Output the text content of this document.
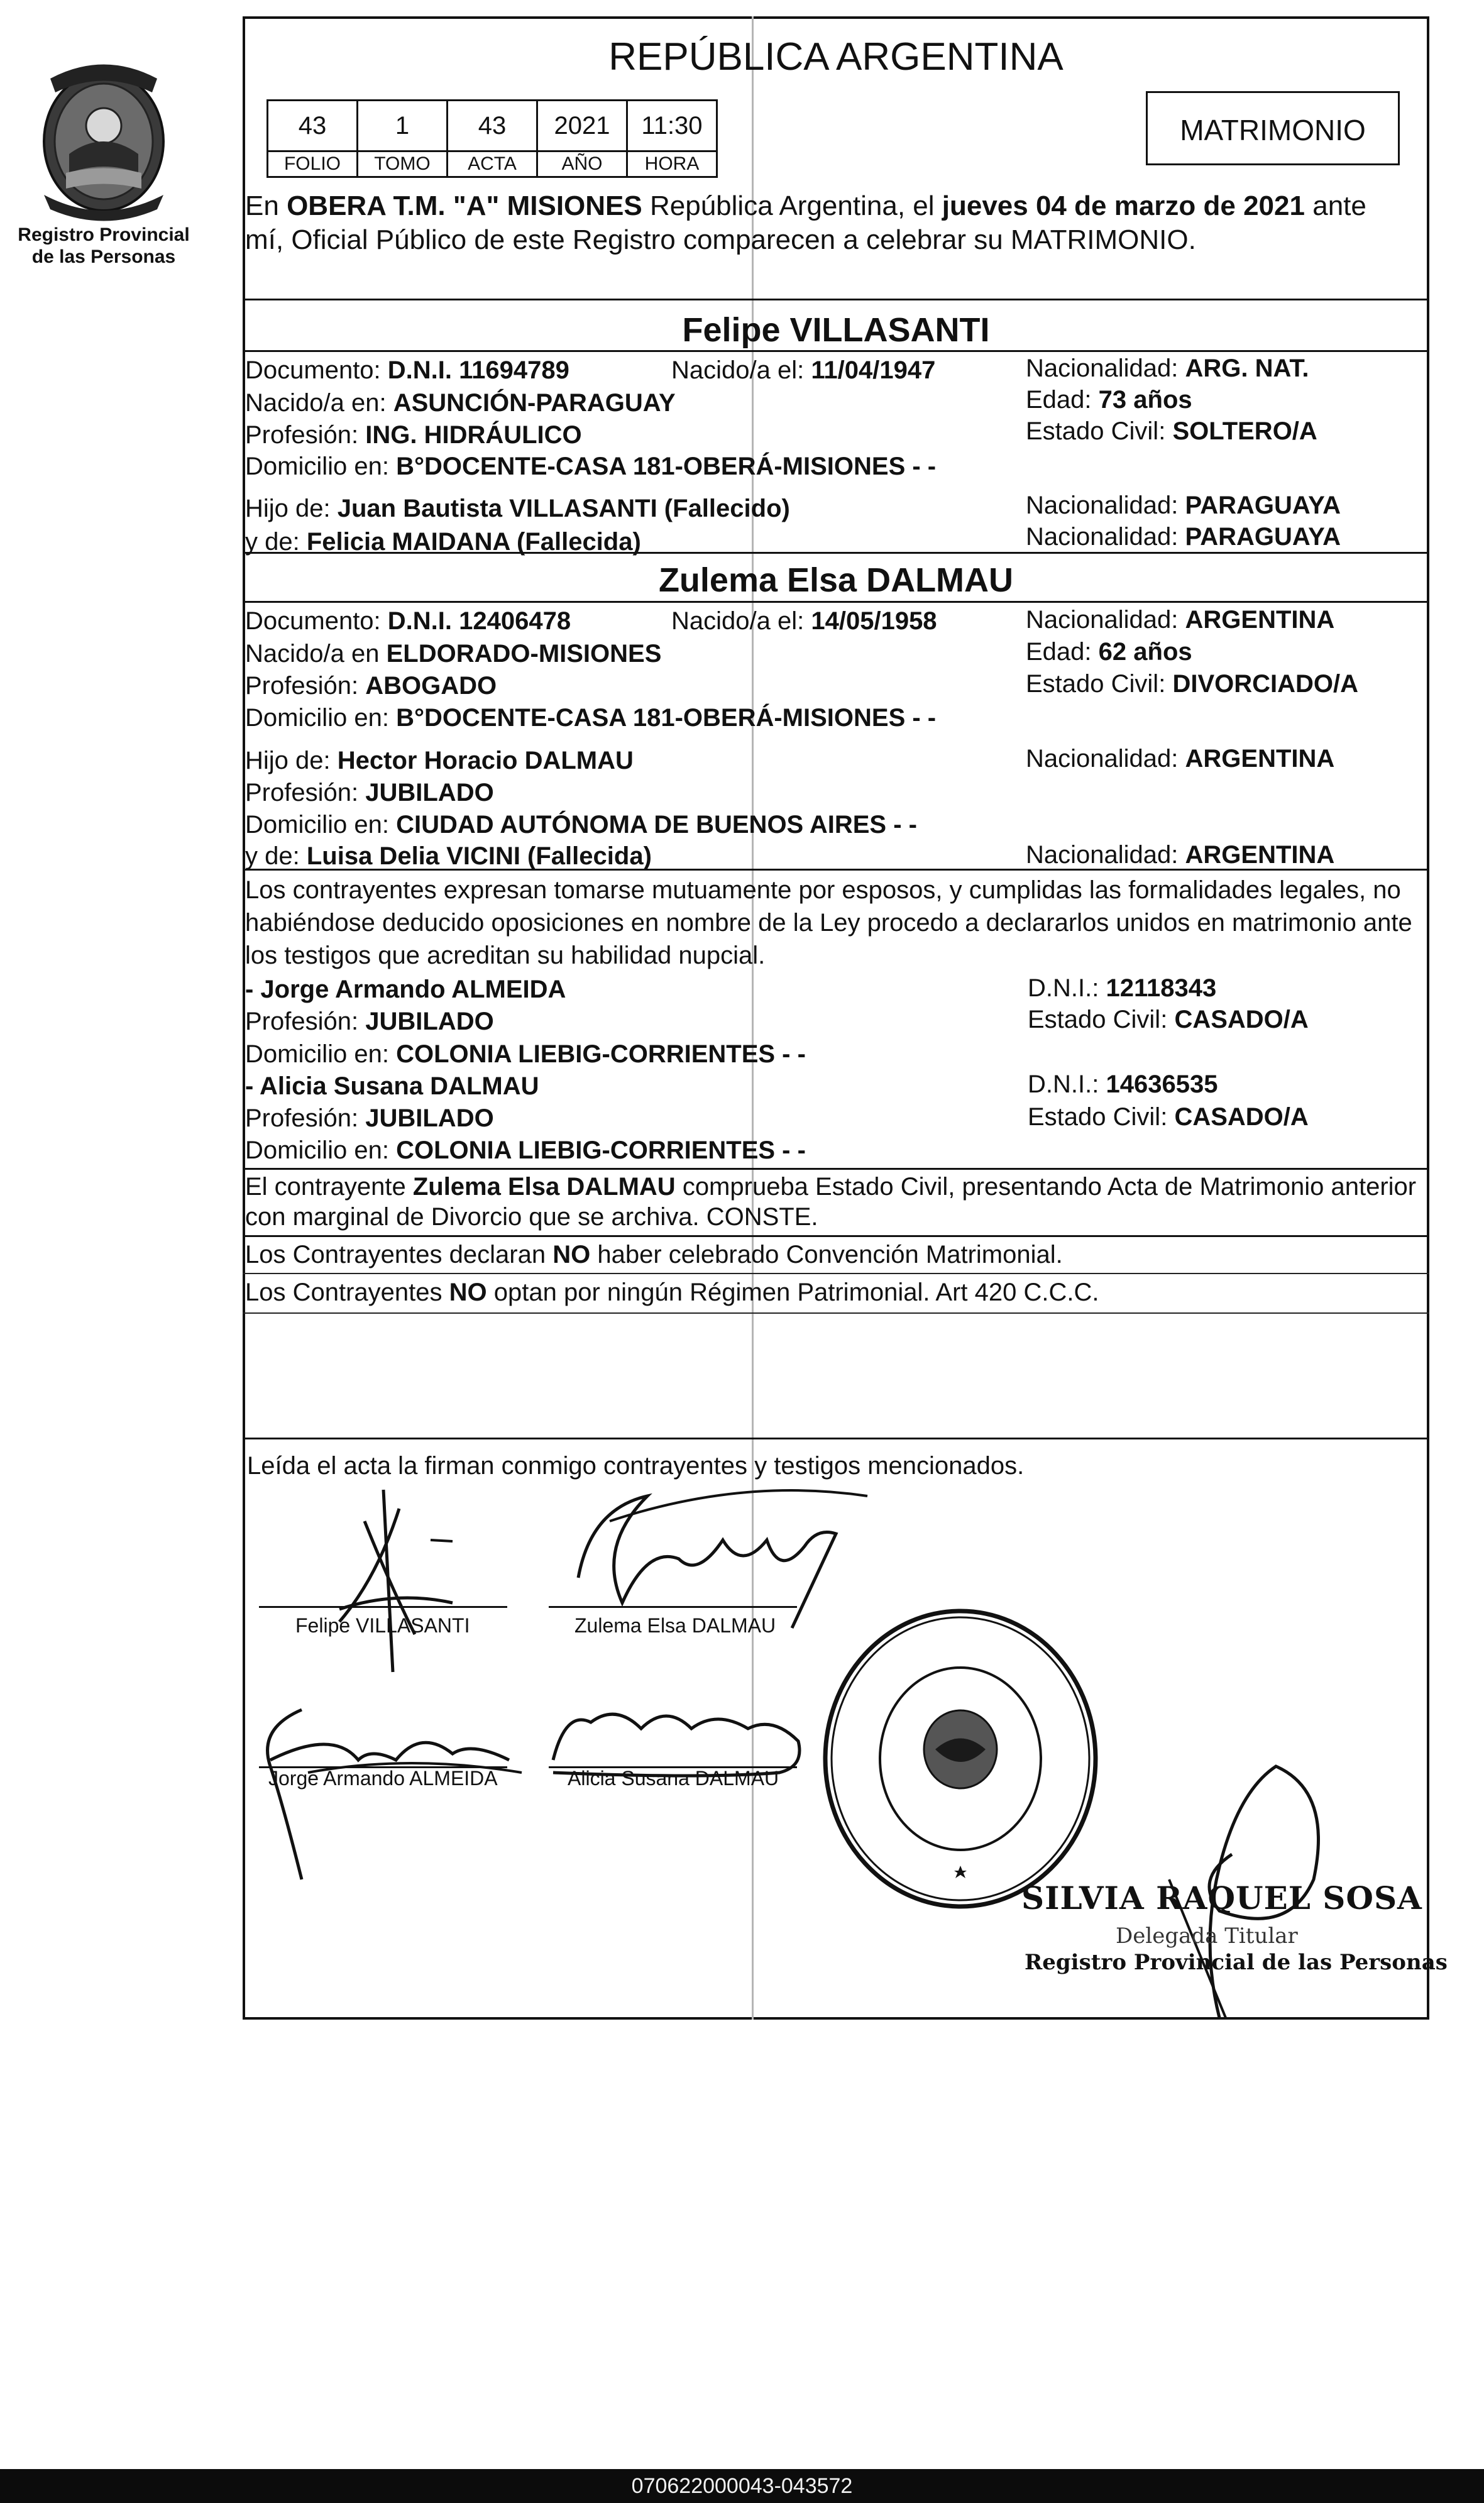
Registro Provincial
de las Personas
REPÚBLICA ARGENTINA
43	1	43	2021	11:30
FOLIO	TOMO	ACTA	AÑO	HORA
MATRIMONIO
En OBERA T.M. "A" MISIONES República Argentina, el jueves 04 de marzo de 2021 ante
mí, Oficial Público de este Registro comparecen a celebrar su MATRIMONIO.
Felipe VILLASANTI
Documento: D.N.I. 11694789	Nacido/a el: 11/04/1947	Nacionalidad: ARG. NAT.
Nacido/a en: ASUNCIÓN-PARAGUAY	Edad: 73 años
Profesión: ING. HIDRÁULICO	Estado Civil: SOLTERO/A
Domicilio en: B°DOCENTE-CASA 181-OBERÁ-MISIONES - -
Hijo de: Juan Bautista VILLASANTI (Fallecido)	Nacionalidad: PARAGUAYA
y de: Felicia MAIDANA (Fallecida)	Nacionalidad: PARAGUAYA
Zulema Elsa DALMAU
Documento: D.N.I. 12406478	Nacido/a el: 14/05/1958	Nacionalidad: ARGENTINA
Nacido/a en ELDORADO-MISIONES	Edad: 62 años
Profesión: ABOGADO	Estado Civil: DIVORCIADO/A
Domicilio en: B°DOCENTE-CASA 181-OBERÁ-MISIONES - -
Hijo de: Hector Horacio DALMAU	Nacionalidad: ARGENTINA
Profesión: JUBILADO
Domicilio en: CIUDAD AUTÓNOMA DE BUENOS AIRES - -
y de: Luisa Delia VICINI (Fallecida)	Nacionalidad: ARGENTINA
Los contrayentes expresan tomarse mutuamente por esposos, y cumplidas las formalidades legales, no
habiéndose deducido oposiciones en nombre de la Ley procedo a declararlos unidos en matrimonio ante
los testigos que acreditan su habilidad nupcial.
- Jorge Armando ALMEIDA	D.N.I.: 12118343
Profesión: JUBILADO	Estado Civil: CASADO/A
Domicilio en: COLONIA LIEBIG-CORRIENTES - -
- Alicia Susana DALMAU	D.N.I.: 14636535
Profesión: JUBILADO	Estado Civil: CASADO/A
Domicilio en: COLONIA LIEBIG-CORRIENTES - -
El contrayente Zulema Elsa DALMAU comprueba Estado Civil, presentando Acta de Matrimonio anterior
con marginal de Divorcio que se archiva. CONSTE.
Los Contrayentes declaran NO haber celebrado Convención Matrimonial.
Los Contrayentes NO optan por ningún Régimen Patrimonial. Art 420 C.C.C.
Leída el acta la firman conmigo contrayentes y testigos mencionados.
Felipe VILLASANTI	Zulema Elsa DALMAU
Jorge Armando ALMEIDA	Alicia Susana DALMAU
SILVIA RAQUEL SOSA
Delegada Titular
Registro Provincial de las Personas
070622000043-043572
